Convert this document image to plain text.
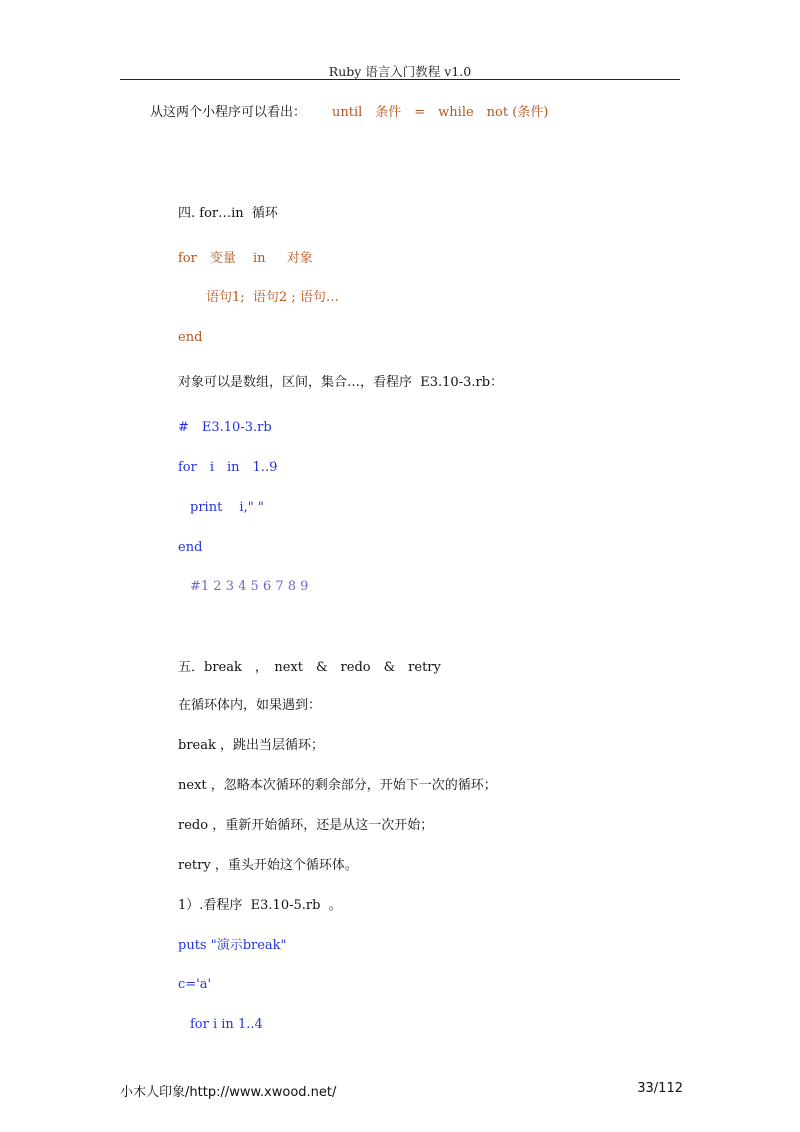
Ruby 语言入门教程 v1.0
从这两个小程序可以看出： until　条件　=　while　not (条件)
四. for…in  循环
for　变量　 in　  对象
语句1;  语句2 ; 语句…
end
对象可以是数组，区间，集合…，看程序  E3.10-3.rb：
#　E3.10-3.rb
for　i　in　1..9
print　 i," "
end
#1 2 3 4 5 6 7 8 9
五．break　，　next　&　redo　&　retry
在循环体内，如果遇到：
break ，跳出当层循环；
next ，忽略本次循环的剩余部分，开始下一次的循环；
redo ，重新开始循环，还是从这一次开始；
retry ，重头开始这个循环体。
1）.看程序  E3.10-5.rb  。
puts "演示break"
c='a'
for i in 1..4
小木人印象/http://www.xwood.net/	33/112
